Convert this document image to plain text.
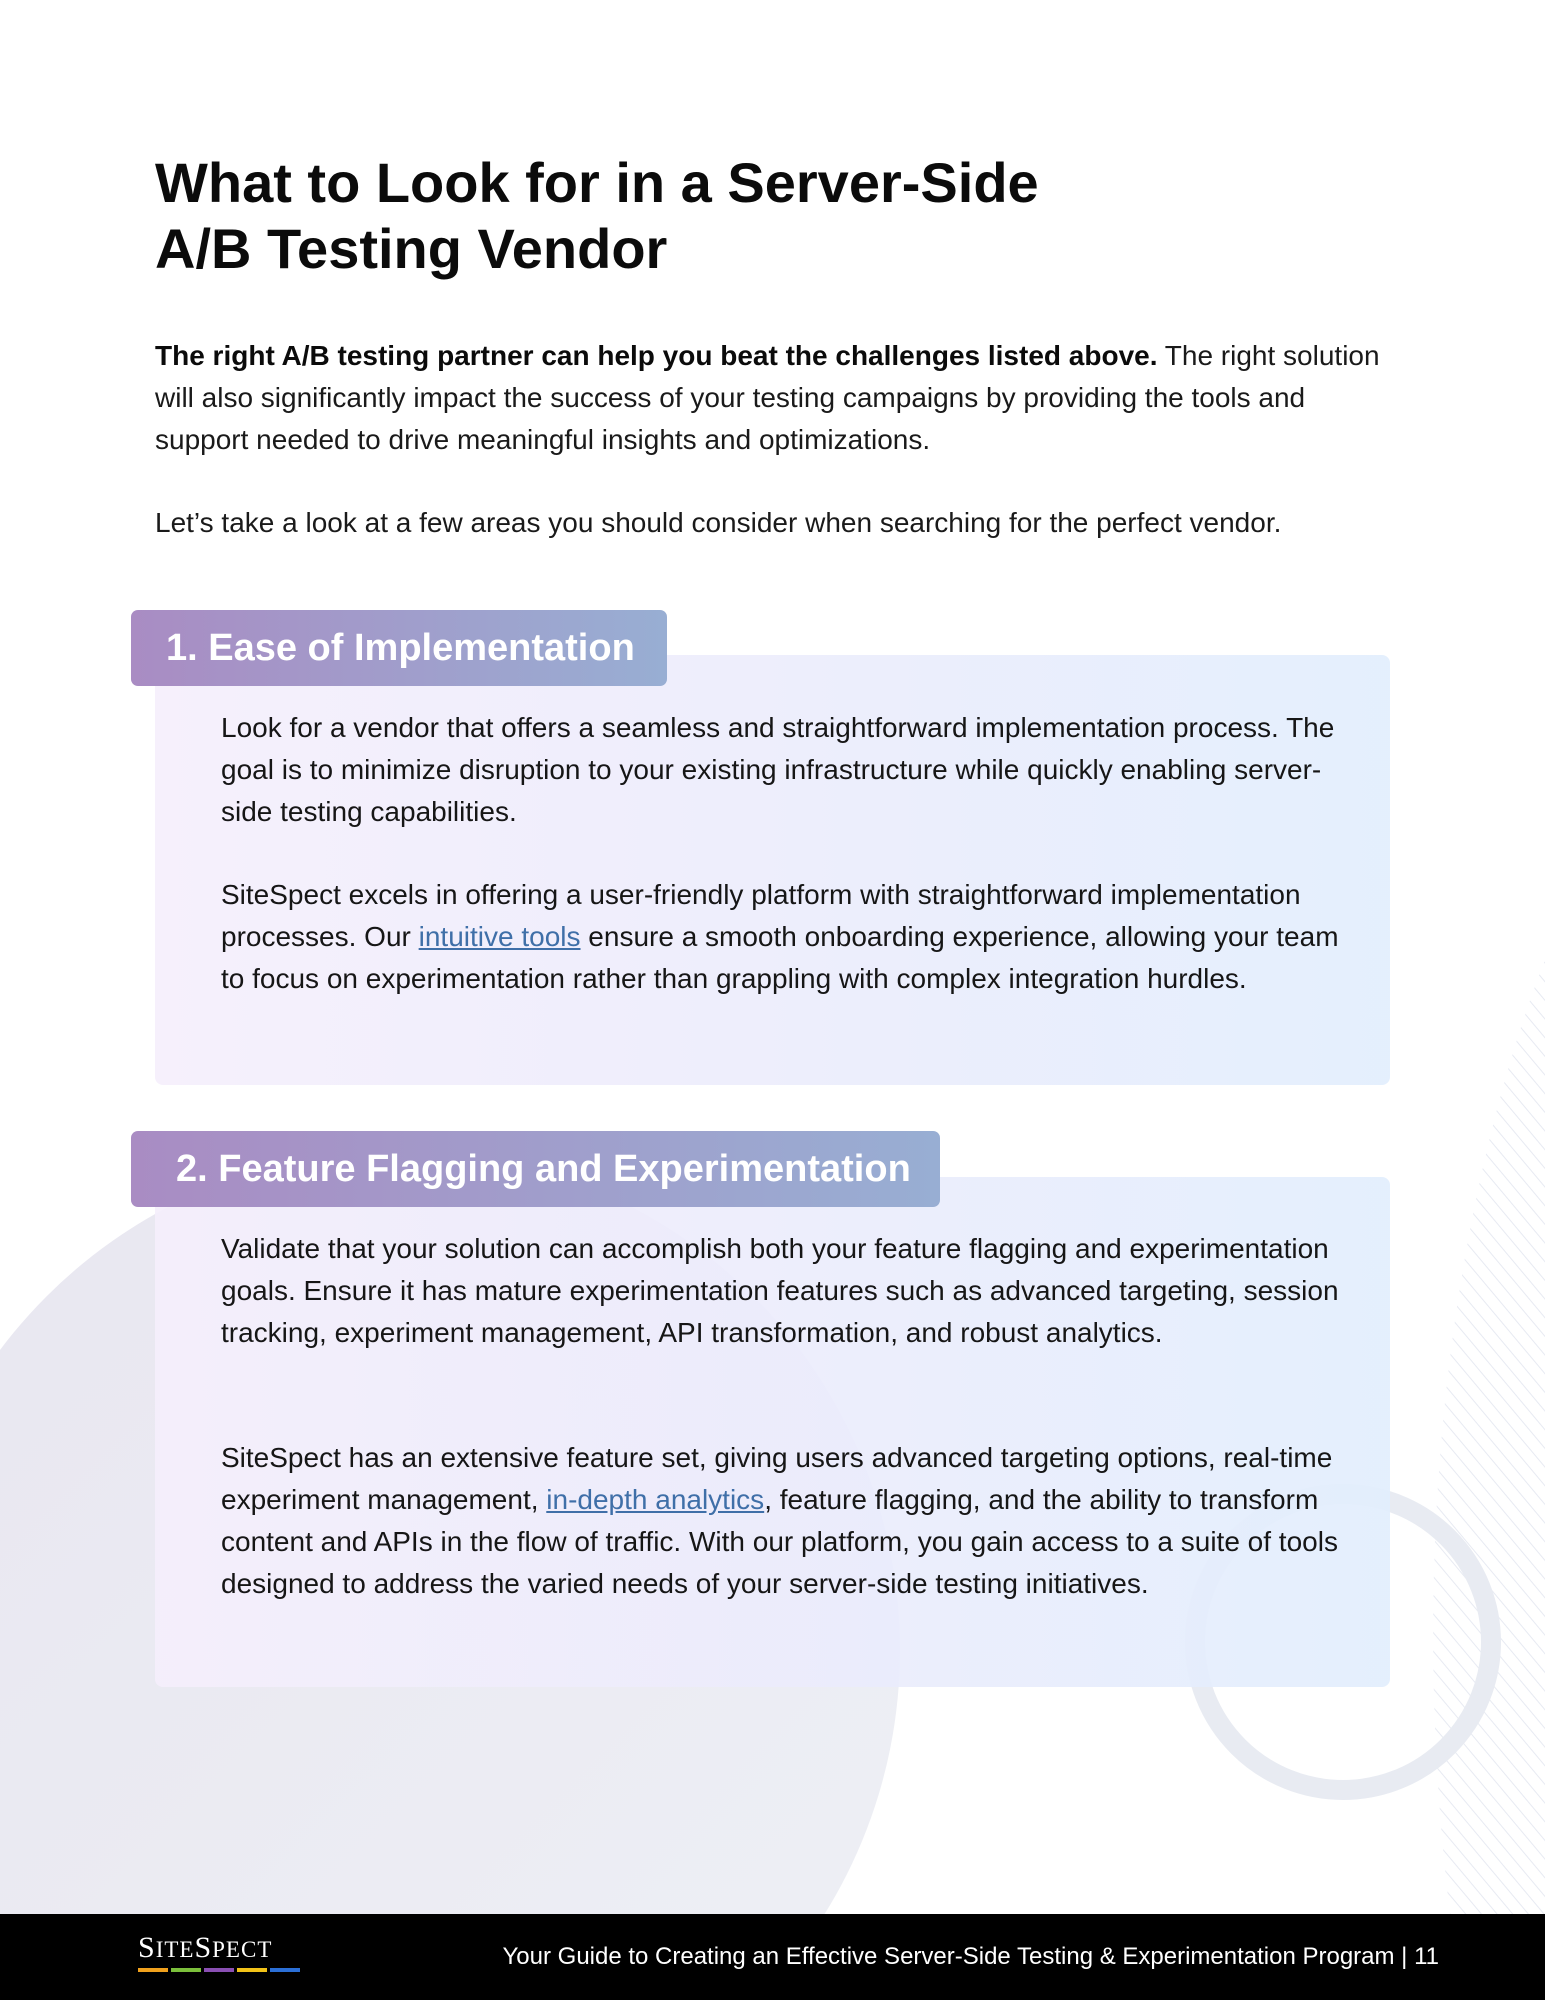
What to Look for in a Server-Side
A/B Testing Vendor

The right A/B testing partner can help you beat the challenges listed above. The right solution will also significantly impact the success of your testing campaigns by providing the tools and support needed to drive meaningful insights and optimizations.

Let’s take a look at a few areas you should consider when searching for the perfect vendor.

Look for a vendor that offers a seamless and straightforward implementation process. The goal is to minimize disruption to your existing infrastructure while quickly enabling server-side testing capabilities.

SiteSpect excels in offering a user-friendly platform with straightforward implementation processes. Our intuitive tools ensure a smooth onboarding experience, allowing your team to focus on experimentation rather than grappling with complex integration hurdles.

1. Ease of Implementation

Validate that your solution can accomplish both your feature flagging and experimentation goals. Ensure it has mature experimentation features such as advanced targeting, session tracking, experiment management, API transformation, and robust analytics.

SiteSpect has an extensive feature set, giving users advanced targeting options, real-time experiment management, in-depth analytics, feature flagging, and the ability to transform content and APIs in the flow of traffic. With our platform, you gain access to a suite of tools designed to address the varied needs of your server-side testing initiatives.

2. Feature Flagging and Experimentation
SITESPECT	Your Guide to Creating an Effective Server-Side Testing & Experimentation Program | 11
